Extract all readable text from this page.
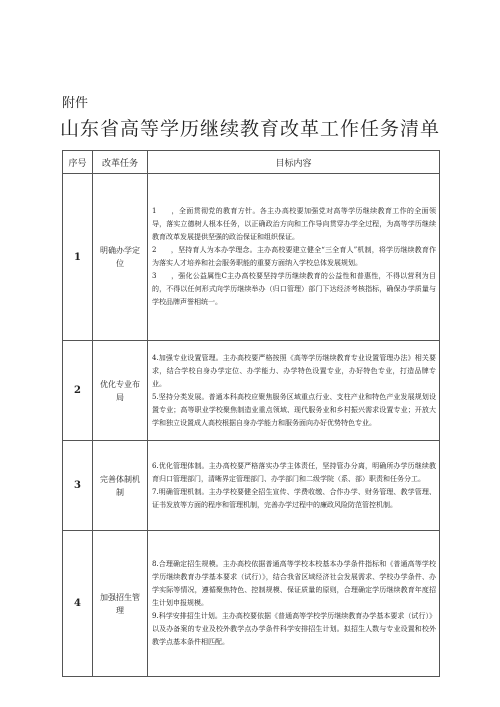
附件
山东省高等学历继续教育改革工作任务清单
序号	改革任务	目标内容
1	明确办学定位	1　　，全面贯彻党的教育方针。各主办高校要加强党对高等学历继续教育工作的全面领导，落实立德树人根本任务，以正确政治方向和工作导向贯穿办学全过程，为高等学历继续教育改革发展提供坚强的政治保证和组织保证。

2　　，坚持育人为本办学理念。主办高校要建立健全“三全育人”机制，将学历继续教育作为落实人才培养和社会服务职能的重要方面纳入学校总体发展规划。

3　　，强化公益属性C主办高校要坚持学历继续教育的公益性和普惠性，不得以营利为目的，不得以任何形式向学历继续举办（归口管理）部门下达经济考核指标，确保办学质量与学校品牌声誉相统一。

2	优化专业布局	4.加强专业设置管理。主办高校要严格按照《高等学历继续教育专业设置管理办法》相关要求，结合学校自身办学定位、办学能力、办学特色设置专业，办好特色专业，打造品牌专业。

5.坚持分类发展。普通本科高校应聚焦服务区域重点行业、支柱产业和特色产业发展规划设置专业；高等职业学校聚焦制造业重点领域、现代服务业和乡村振兴需求设置专业；开放大学和独立设置成人高校根据自身办学能力和服务面向办好优势特色专业。

3	完善体制机制	6.优化管理体制。主办高校要严格落实办学主体责任，坚持管办分离，明确所办学历继续教育归口管理部门，清晰界定管理部门、办学部门和二级学院（系、部）职责和任务分工。

7.明确管理机制。主办学校要健全招生宣传、学费收缴、合作办学、财务管理、教学管理、证书发放等方面的程序和管理机制，完善办学过程中的廉政风险防范管控机制。

4	加强招生管理	8.合理确定招生规模。主办高校依据普通高等学校本校基本办学条件指标和《普通高等学校学历继续教育办学基本要求（试行）》，结合我省区域经济社会发展需求、学校办学条件、办学实际等情况，遵循聚焦特色、控制规模、保证质量的原则，合理确定学历继续教育年度招生计划申报规模。

9.科学安排招生计划。主办高校要依据《普通高等学校学历继续教育办学基本要求（试行）》以及办备案的专业及校外教学点办学条件科学安排招生计划。拟招生人数与专业设置和校外教学点基本条件相匹配。
